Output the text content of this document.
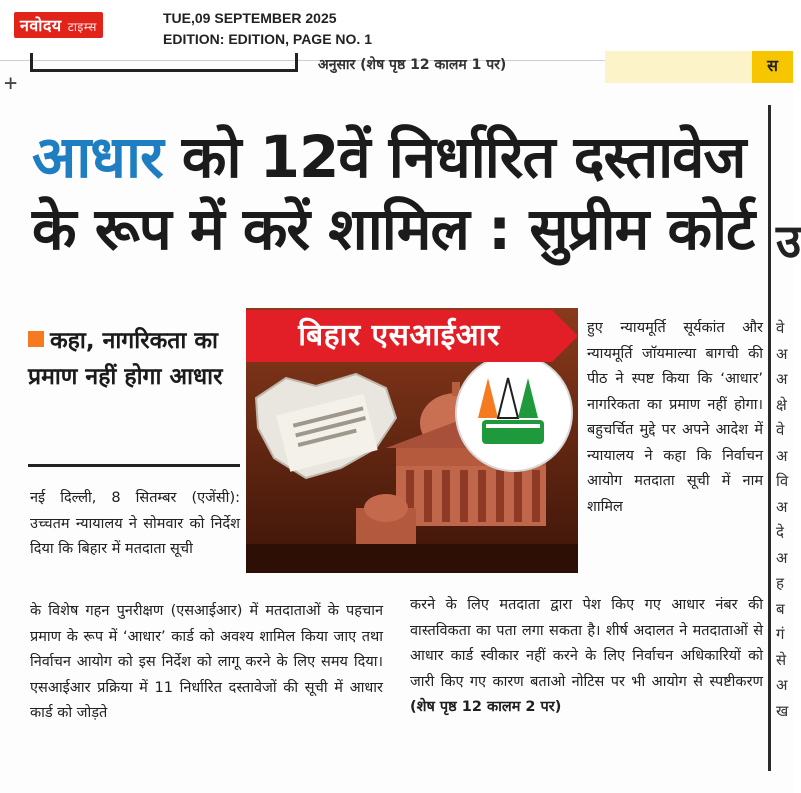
नवोदय टाइम्स
TUE,09 SEPTEMBER 2025
EDITION: EDITION, PAGE NO. 1
अनुसार (शेष पृष्ठ 12 कालम 1 पर)	स
+
आधार को 12वें निर्धारित दस्तावेज
के रूप में करें शामिल : सुप्रीम कोर्ट
कहा, नागरिकता का प्रमाण नहीं होगा आधार
बिहार एसआईआर
नई दिल्ली, 8 सितम्बर (एजेंसी): उच्चतम न्यायालय ने सोमवार को निर्देश दिया कि बिहार में मतदाता सूची
के विशेष गहन पुनरीक्षण (एसआईआर) में मतदाताओं के पहचान प्रमाण के रूप में ‘आधार’ कार्ड को अवश्य शामिल किया जाए तथा निर्वाचन आयोग को इस निर्देश को लागू करने के लिए समय दिया। एसआईआर प्रक्रिया में 11 निर्धारित दस्तावेजों की सूची में आधार कार्ड को जोड़ते
हुए न्यायमूर्ति सूर्यकांत और न्यायमूर्ति जॉयमाल्या बागची की पीठ ने स्पष्ट किया कि ‘आधार’ नागरिकता का प्रमाण नहीं होगा। बहुचर्चित मुद्दे पर अपने आदेश में न्यायालय ने कहा कि निर्वाचन आयोग मतदाता सूची में नाम शामिल
करने के लिए मतदाता द्वारा पेश किए गए आधार नंबर की वास्तविकता का पता लगा सकता है। शीर्ष अदालत ने मतदाताओं से आधार कार्ड स्वीकार नहीं करने के लिए निर्वाचन अधिकारियों को जारी किए गए कारण बताओ नोटिस पर भी आयोग से स्पष्टीकरण (शेष पृष्ठ 12 कालम 2 पर)
उ
वे
अ
अ
क्षे
वे
अ
वि
अ
दे
अ
ह
ब
गं
से
अ
ख
